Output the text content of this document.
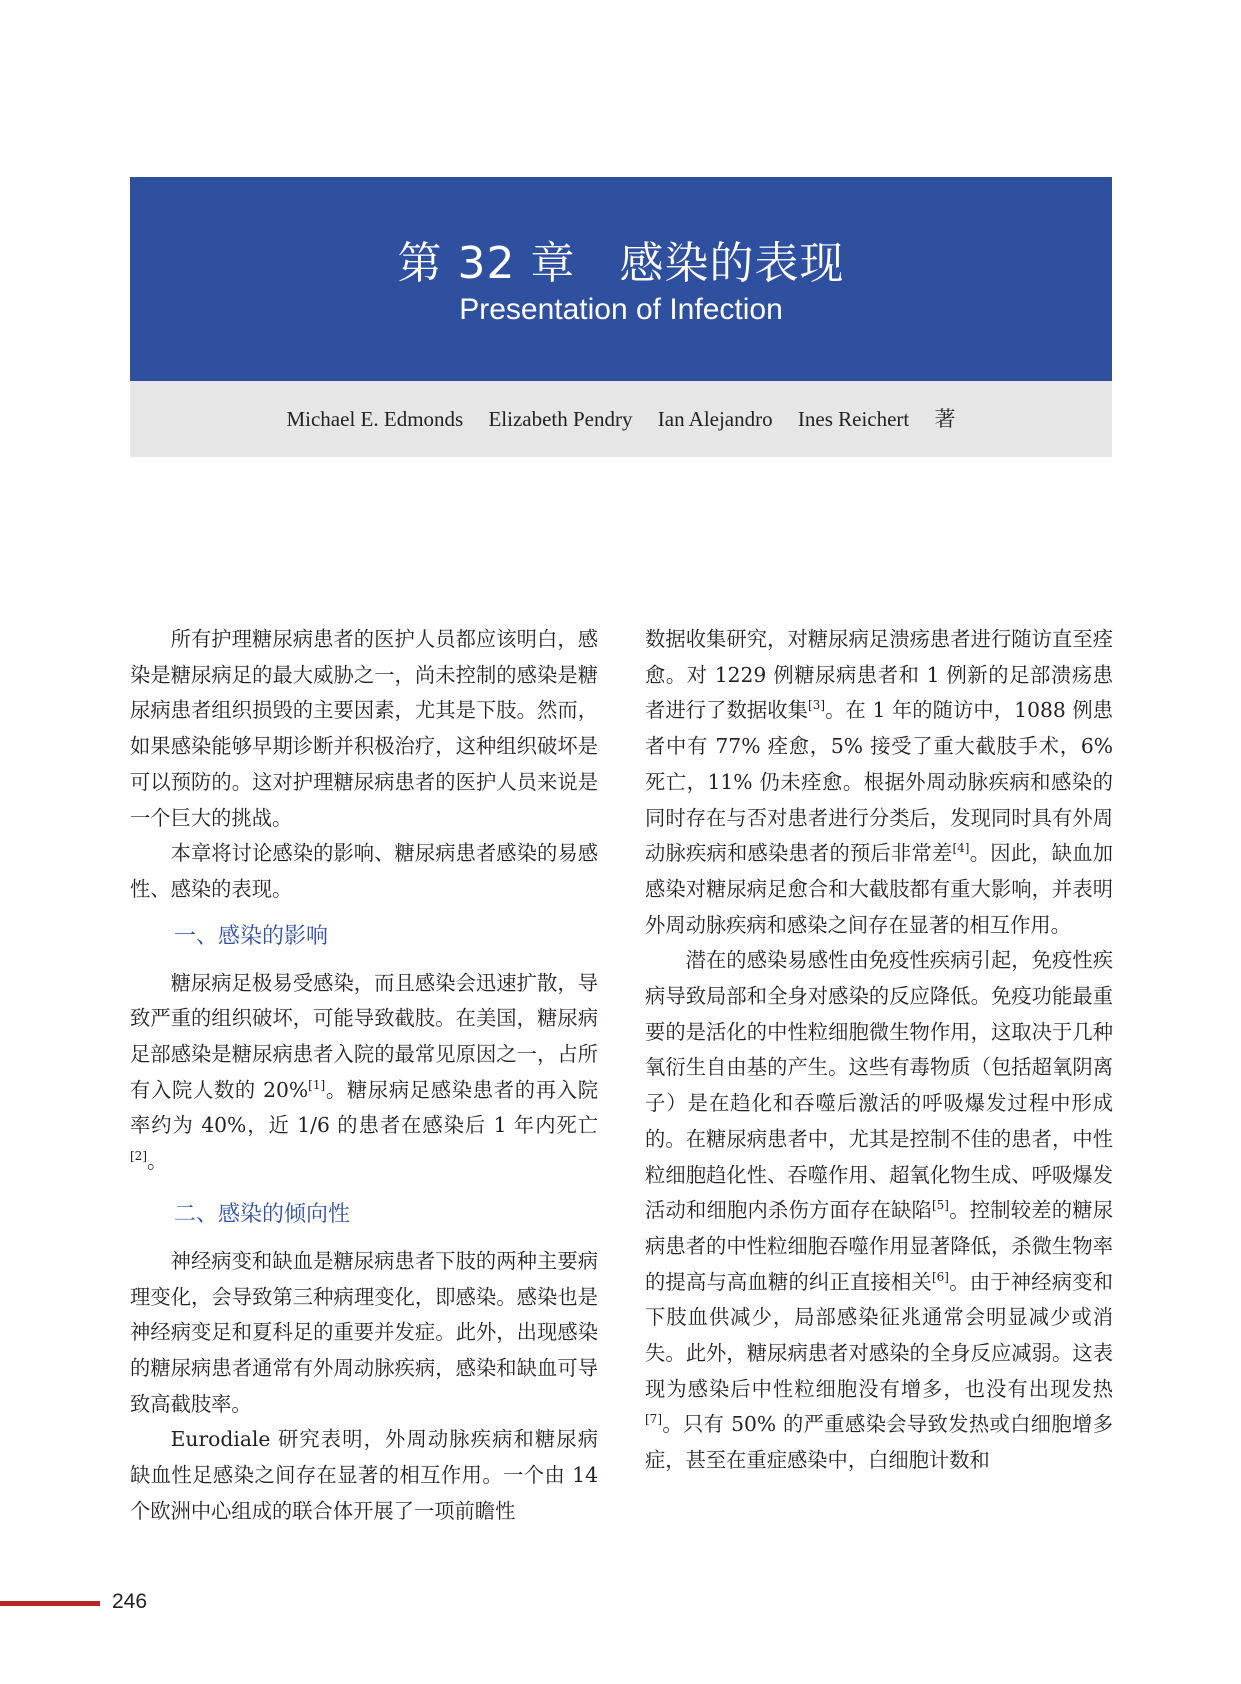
第 32 章 感染的表现
Presentation of Infection
Michael E. Edmonds Elizabeth Pendry Ian Alejandro Ines Reichert 著

所有护理糖尿病患者的医护人员都应该明白，感染是糖尿病足的最大威胁之一，尚未控制的感染是糖尿病患者组织损毁的主要因素，尤其是下肢。然而，如果感染能够早期诊断并积极治疗，这种组织破坏是可以预防的。这对护理糖尿病患者的医护人员来说是一个巨大的挑战。

本章将讨论感染的影响、糖尿病患者感染的易感性、感染的表现。

一、感染的影响

糖尿病足极易受感染，而且感染会迅速扩散，导致严重的组织破坏，可能导致截肢。在美国，糖尿病足部感染是糖尿病患者入院的最常见原因之一，占所有入院人数的 20%[1]。糖尿病足感染患者的再入院率约为 40%，近 1/6 的患者在感染后 1 年内死亡[2]。

二、感染的倾向性

神经病变和缺血是糖尿病患者下肢的两种主要病理变化，会导致第三种病理变化，即感染。感染也是神经病变足和夏科足的重要并发症。此外，出现感染的糖尿病患者通常有外周动脉疾病，感染和缺血可导致高截肢率。

Eurodiale 研究表明，外周动脉疾病和糖尿病缺血性足感染之间存在显著的相互作用。一个由 14 个欧洲中心组成的联合体开展了一项前瞻性

数据收集研究，对糖尿病足溃疡患者进行随访直至痊愈。对 1229 例糖尿病患者和 1 例新的足部溃疡患者进行了数据收集[3]。在 1 年的随访中，1088 例患者中有 77% 痊愈，5% 接受了重大截肢手术，6% 死亡，11% 仍未痊愈。根据外周动脉疾病和感染的同时存在与否对患者进行分类后，发现同时具有外周动脉疾病和感染患者的预后非常差[4]。因此，缺血加感染对糖尿病足愈合和大截肢都有重大影响，并表明外周动脉疾病和感染之间存在显著的相互作用。

潜在的感染易感性由免疫性疾病引起，免疫性疾病导致局部和全身对感染的反应降低。免疫功能最重要的是活化的中性粒细胞微生物作用，这取决于几种氧衍生自由基的产生。这些有毒物质（包括超氧阴离子）是在趋化和吞噬后激活的呼吸爆发过程中形成的。在糖尿病患者中，尤其是控制不佳的患者，中性粒细胞趋化性、吞噬作用、超氧化物生成、呼吸爆发活动和细胞内杀伤方面存在缺陷[5]。控制较差的糖尿病患者的中性粒细胞吞噬作用显著降低，杀微生物率的提高与高血糖的纠正直接相关[6]。由于神经病变和下肢血供减少，局部感染征兆通常会明显减少或消失。此外，糖尿病患者对感染的全身反应减弱。这表现为感染后中性粒细胞没有增多，也没有出现发热[7]。只有 50% 的严重感染会导致发热或白细胞增多症，甚至在重症感染中，白细胞计数和

246
